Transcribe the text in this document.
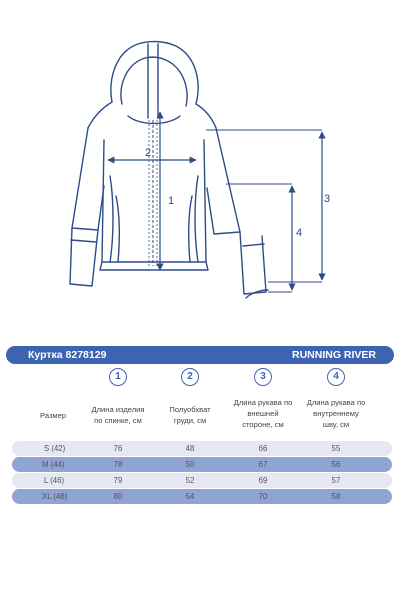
1
2
3
4
Куртка 8278129	RUNNING RIVER
1	2	3	4
Размер
Длина изделия
по спинке, см
Полуобхват
груди, см
Длина рукава по
внешней
стороне, см
Длина рукава по
внутреннему
шву, см
S (42)	76	48	66	55
M (44)	78	50	67	56
L (46)	79	52	69	57
XL (48)	80	54	70	58
